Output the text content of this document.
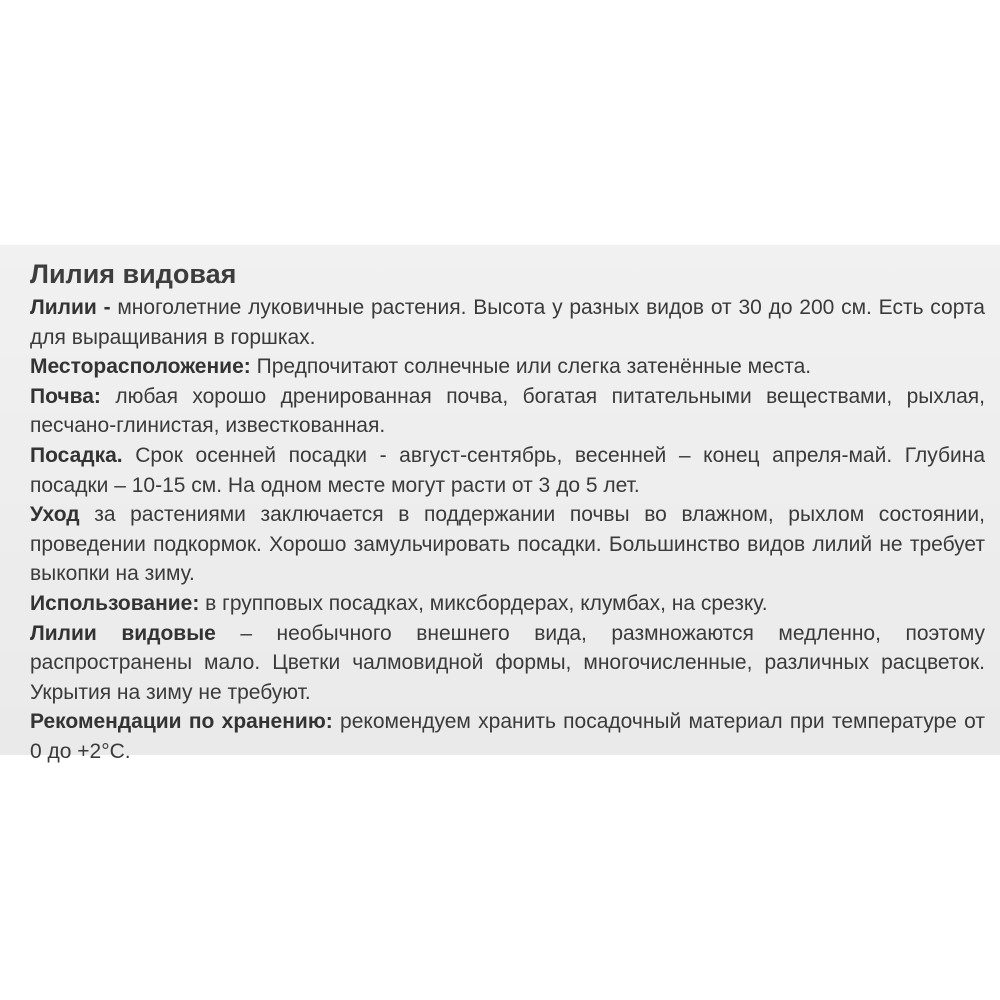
Лилия видовая

Лилии - многолетние луковичные растения. Высота у разных видов от 30 до 200 см. Есть сорта для выращивания в горшках.

Месторасположение: Предпочитают солнечные или слегка затенённые места.

Почва: любая хорошо дренированная почва, богатая питательными веществами, рыхлая, песчано-глинистая, известкованная.

Посадка. Срок осенней посадки - август-сентябрь, весенней – конец апреля-май. Глубина посадки – 10-15 см. На одном месте могут расти от 3 до 5 лет.

Уход за растениями заключается в поддержании почвы во влажном, рыхлом состоянии, проведении подкормок. Хорошо замульчировать посадки. Большинство видов лилий не требует выкопки на зиму.

Использование: в групповых посадках, миксбордерах, клумбах, на срезку.

Лилии видовые – необычного внешнего вида, размножаются медленно, поэтому распространены мало. Цветки чалмовидной формы, многочисленные, различных расцветок. Укрытия на зиму не требуют.

Рекомендации по хранению: рекомендуем хранить посадочный материал при температуре от 0 до +2°С.
